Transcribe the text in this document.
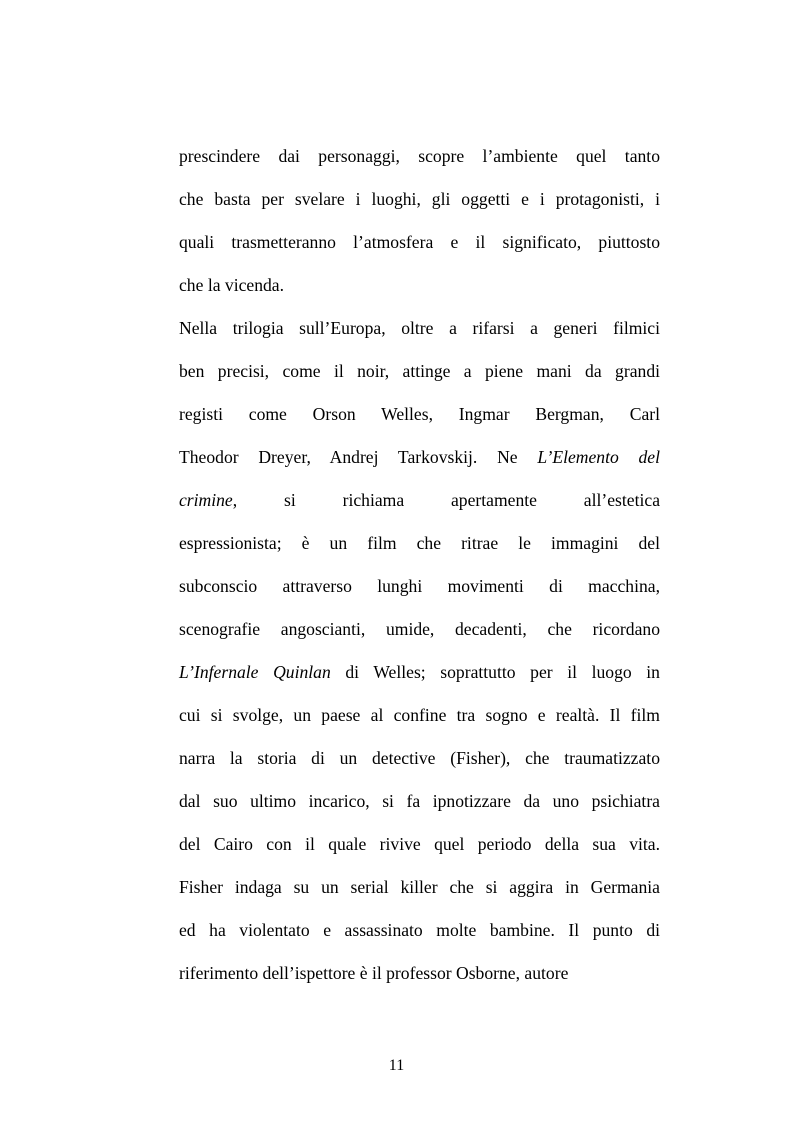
prescindere dai personaggi, scopre l’ambiente quel tanto
che basta per svelare i luoghi, gli oggetti e i protagonisti, i
quali trasmetteranno l’atmosfera e il significato, piuttosto
che la vicenda.
Nella trilogia sull’Europa, oltre a rifarsi a generi filmici
ben precisi, come il noir, attinge a piene mani da grandi
registi come Orson Welles, Ingmar Bergman, Carl
Theodor Dreyer, Andrej Tarkovskij. Ne L’Elemento del
crimine, si richiama apertamente all’estetica
espressionista; è un film che ritrae le immagini del
subconscio attraverso lunghi movimenti di macchina,
scenografie angoscianti, umide, decadenti, che ricordano
L’Infernale Quinlan di Welles; soprattutto per il luogo in
cui si svolge, un paese al confine tra sogno e realtà. Il film
narra la storia di un detective (Fisher), che traumatizzato
dal suo ultimo incarico, si fa ipnotizzare da uno psichiatra
del Cairo con il quale rivive quel periodo della sua vita.
Fisher indaga su un serial killer che si aggira in Germania
ed ha violentato e assassinato molte bambine. Il punto di
riferimento dell’ispettore è il professor Osborne, autore
11
